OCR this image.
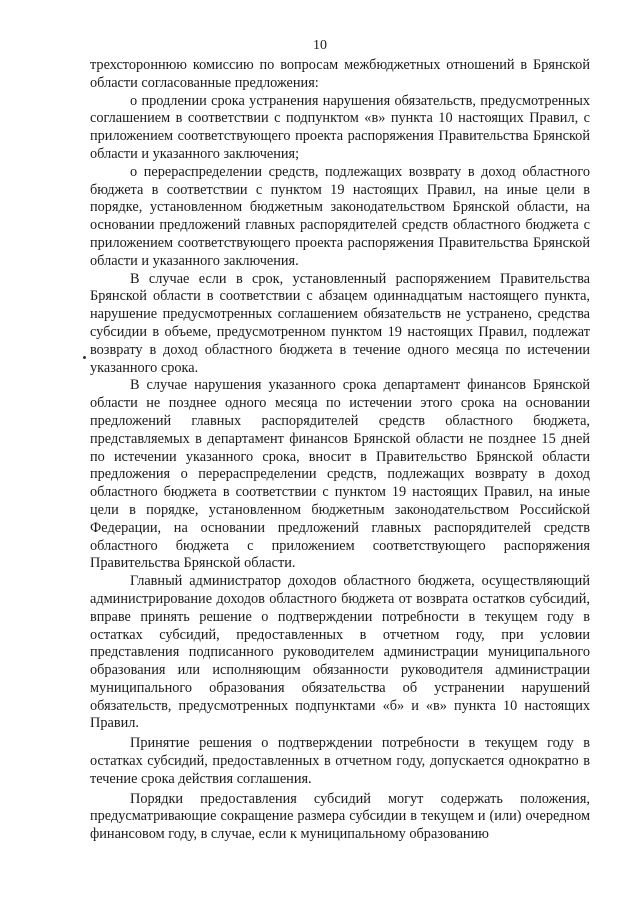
10

трехстороннюю комиссию по вопросам межбюджетных отношений в Брянской области согласованные предложения:

о продлении срока устранения нарушения обязательств, предусмотренных соглашением в соответствии с подпунктом «в» пункта 10 настоящих Правил, с приложением соответствующего проекта распоряжения Правительства Брянской области и указанного заключения;

о перераспределении средств, подлежащих возврату в доход областного бюджета в соответствии с пунктом 19 настоящих Правил, на иные цели в порядке, установленном бюджетным законодательством Брянской области, на основании предложений главных распорядителей средств областного бюджета с приложением соответствующего проекта распоряжения Правительства Брянской области и указанного заключения.

В случае если в срок, установленный распоряжением Правительства Брянской области в соответствии с абзацем одиннадцатым настоящего пункта, нарушение предусмотренных соглашением обязательств не устранено, средства субсидии в объеме, предусмотренном пунктом 19 настоящих Правил, подлежат возврату в доход областного бюджета в течение одного месяца по истечении указанного срока.

В случае нарушения указанного срока департамент финансов Брянской области не позднее одного месяца по истечении этого срока на основании предложений главных распорядителей средств областного бюджета, представляемых в департамент финансов Брянской области не позднее 15 дней по истечении указанного срока, вносит в Правительство Брянской области предложения о перераспределении средств, подлежащих возврату в доход областного бюджета в соответствии с пунктом 19 настоящих Правил, на иные цели в порядке, установленном бюджетным законодательством Российской Федерации, на основании предложений главных распорядителей средств областного бюджета с приложением соответствующего распоряжения Правительства Брянской области.

Главный администратор доходов областного бюджета, осуществляющий администрирование доходов областного бюджета от возврата остатков субсидий, вправе принять решение о подтверждении потребности в текущем году в остатках субсидий, предоставленных в отчетном году, при условии представления подписанного руководителем администрации муниципального образования или исполняющим обязанности руководителя администрации муниципального образования обязательства об устранении нарушений обязательств, предусмотренных подпунктами «б» и «в» пункта 10 настоящих Правил.

Принятие решения о подтверждении потребности в текущем году в остатках субсидий, предоставленных в отчетном году, допускается однократно в течение срока действия соглашения.

Порядки предоставления субсидий могут содержать положения, предусматривающие сокращение размера субсидии в текущем и (или) очередном финансовом году, в случае, если к муниципальному образованию
